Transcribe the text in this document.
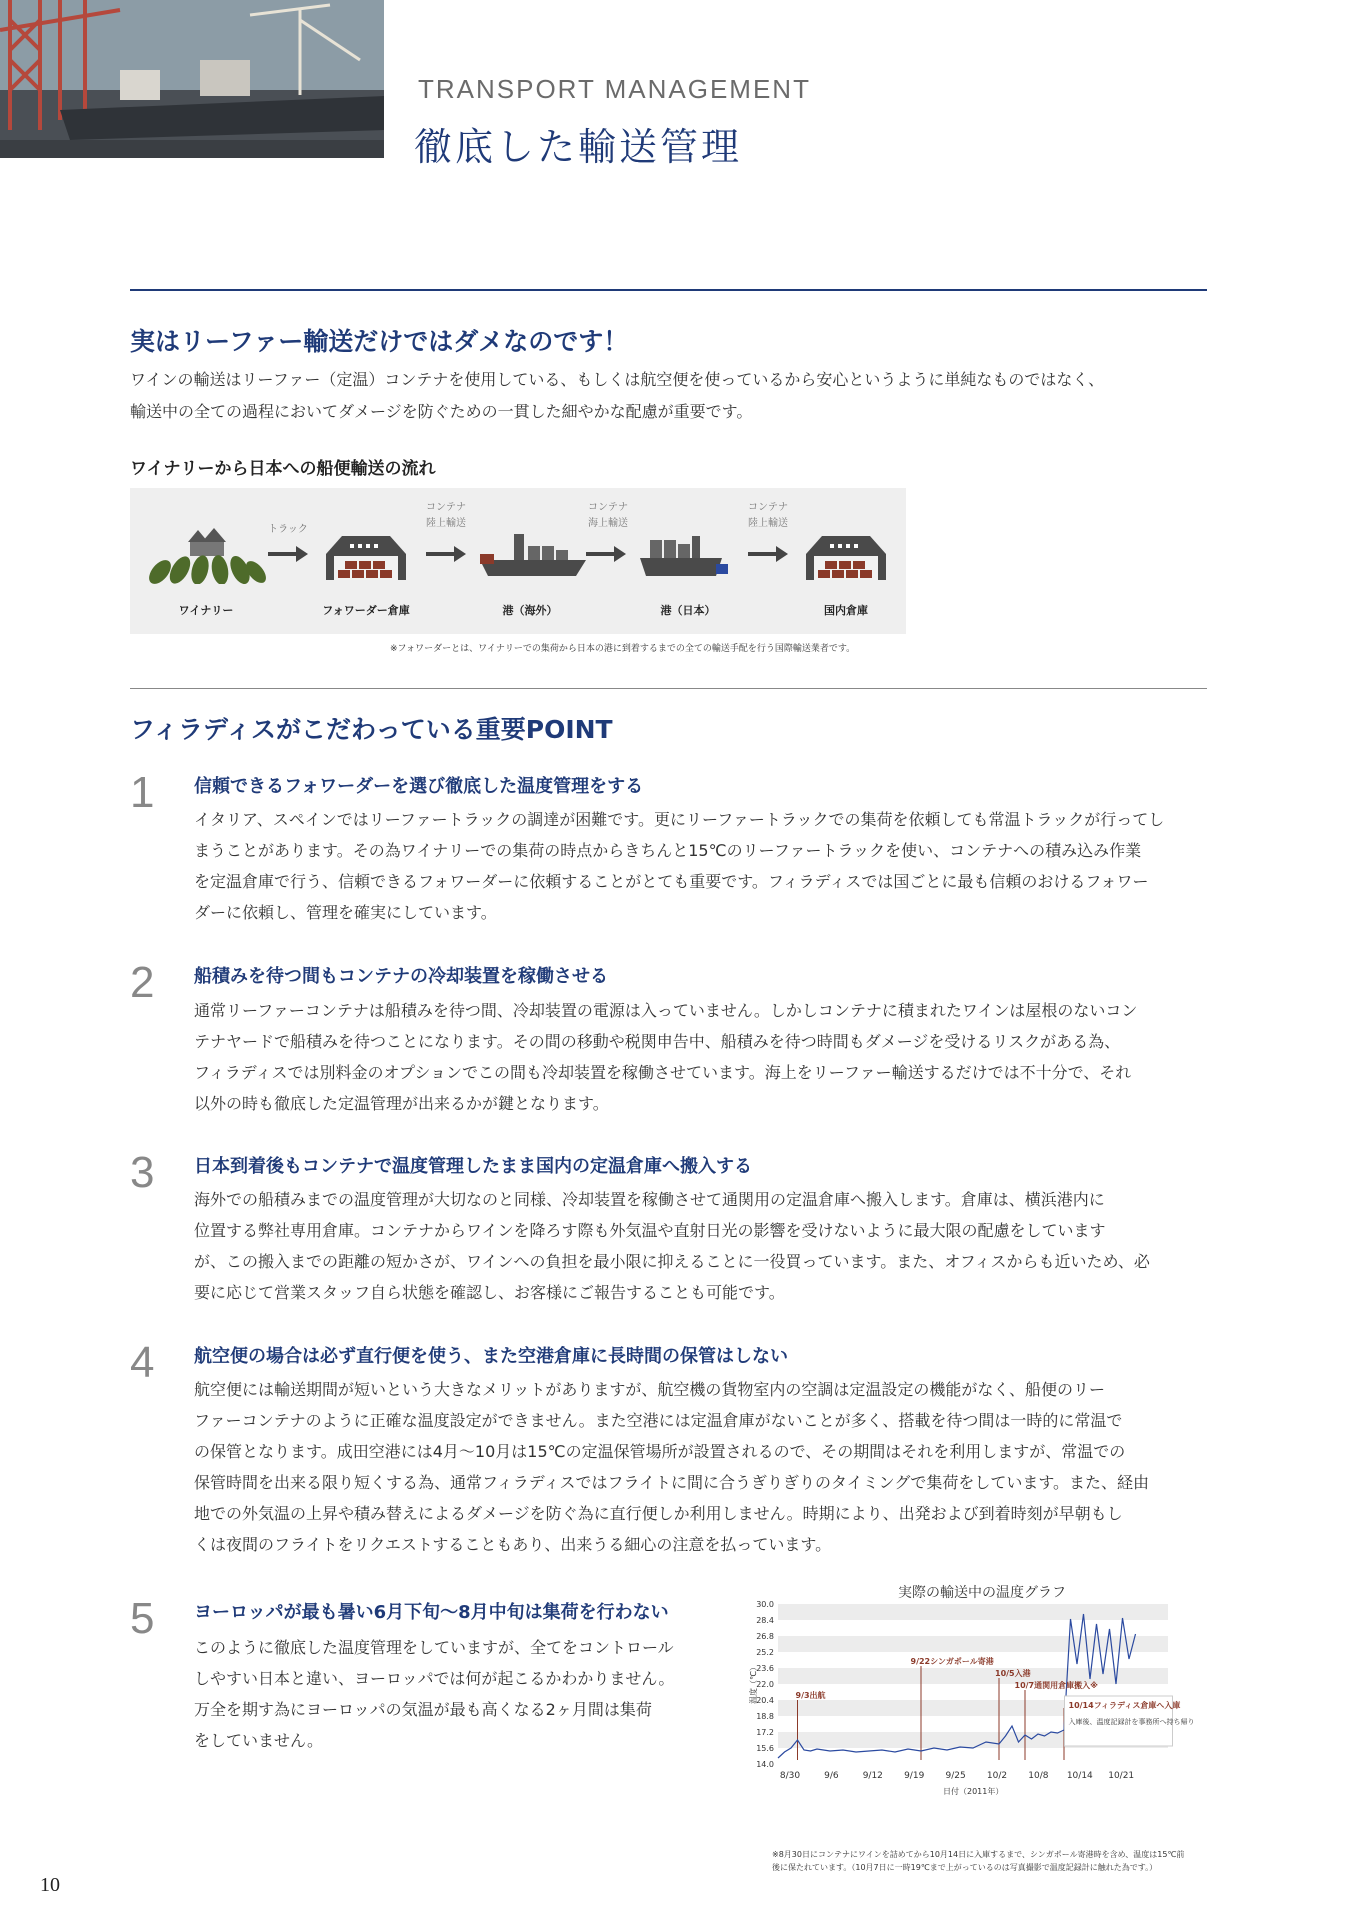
TRANSPORT MANAGEMENT
徹底した輸送管理
実はリーファー輸送だけではダメなのです！
ワインの輸送はリーファー（定温）コンテナを使用している、もしくは航空便を使っているから安心というように単純なものではなく、
輸送中の全ての過程においてダメージを防ぐための一貫した細やかな配慮が重要です。
ワイナリーから日本への船便輸送の流れ
トラック
コンテナ
陸上輸送
コンテナ
海上輸送
コンテナ
陸上輸送
ワイナリー	フォワーダー倉庫	港（海外）	港（日本）	国内倉庫
※フォワーダーとは、ワイナリーでの集荷から日本の港に到着するまでの全ての輸送手配を行う国際輸送業者です。
フィラディスがこだわっている重要POINT
1 信頼できるフォワーダーを選び徹底した温度管理をする
イタリア、スペインではリーファートラックの調達が困難です。更にリーファートラックでの集荷を依頼しても常温トラックが行ってし
まうことがあります。その為ワイナリーでの集荷の時点からきちんと15℃のリーファートラックを使い、コンテナへの積み込み作業
を定温倉庫で行う、信頼できるフォワーダーに依頼することがとても重要です。フィラディスでは国ごとに最も信頼のおけるフォワー
ダーに依頼し、管理を確実にしています。
2 船積みを待つ間もコンテナの冷却装置を稼働させる
通常リーファーコンテナは船積みを待つ間、冷却装置の電源は入っていません。しかしコンテナに積まれたワインは屋根のないコン
テナヤードで船積みを待つことになります。その間の移動や税関申告中、船積みを待つ時間もダメージを受けるリスクがある為、
フィラディスでは別料金のオプションでこの間も冷却装置を稼働させています。海上をリーファー輸送するだけでは不十分で、それ
以外の時も徹底した定温管理が出来るかが鍵となります。
3 日本到着後もコンテナで温度管理したまま国内の定温倉庫へ搬入する
海外での船積みまでの温度管理が大切なのと同様、冷却装置を稼働させて通関用の定温倉庫へ搬入します。倉庫は、横浜港内に
位置する弊社専用倉庫。コンテナからワインを降ろす際も外気温や直射日光の影響を受けないように最大限の配慮をしています
が、この搬入までの距離の短かさが、ワインへの負担を最小限に抑えることに一役買っています。また、オフィスからも近いため、必
要に応じて営業スタッフ自ら状態を確認し、お客様にご報告することも可能です。
4 航空便の場合は必ず直行便を使う、また空港倉庫に長時間の保管はしない
航空便には輸送期間が短いという大きなメリットがありますが、航空機の貨物室内の空調は定温設定の機能がなく、船便のリー
ファーコンテナのように正確な温度設定ができません。また空港には定温倉庫がないことが多く、搭載を待つ間は一時的に常温で
の保管となります。成田空港には4月〜10月は15℃の定温保管場所が設置されるので、その期間はそれを利用しますが、常温での
保管時間を出来る限り短くする為、通常フィラディスではフライトに間に合うぎりぎりのタイミングで集荷をしています。また、経由
地での外気温の上昇や積み替えによるダメージを防ぐ為に直行便しか利用しません。時期により、出発および到着時刻が早朝もし
くは夜間のフライトをリクエストすることもあり、出来うる細心の注意を払っています。
5 ヨーロッパが最も暑い6月下旬〜8月中旬は集荷を行わない
このように徹底した温度管理をしていますが、全てをコントロール
しやすい日本と違い、ヨーロッパでは何が起こるかわかりません。
万全を期す為にヨーロッパの気温が最も高くなる2ヶ月間は集荷
をしていません。
実際の輸送中の温度グラフ
30.0
28.4
26.8
25.2
23.6
22.0
20.4
18.8
17.2
15.6
14.0
8/30	9/6	9/12 9/19 9/25 10/2 10/8 10/14 10/21
日付（2011年）
温度（℃）	9/3出航
9/22シンガポール寄港
10/5入港
10/7通関用倉庫搬入※
10/14フィラディス倉庫へ入庫
入庫後、温度記録計を事務所へ持ち帰り
※8月30日にコンテナにワインを詰めてから10月14日に入庫するまで、シンガポール寄港時を含め、温度は15℃前
後に保たれています。（10月7日に一時19℃まで上がっているのは写真撮影で温度記録計に触れた為です。）
10
